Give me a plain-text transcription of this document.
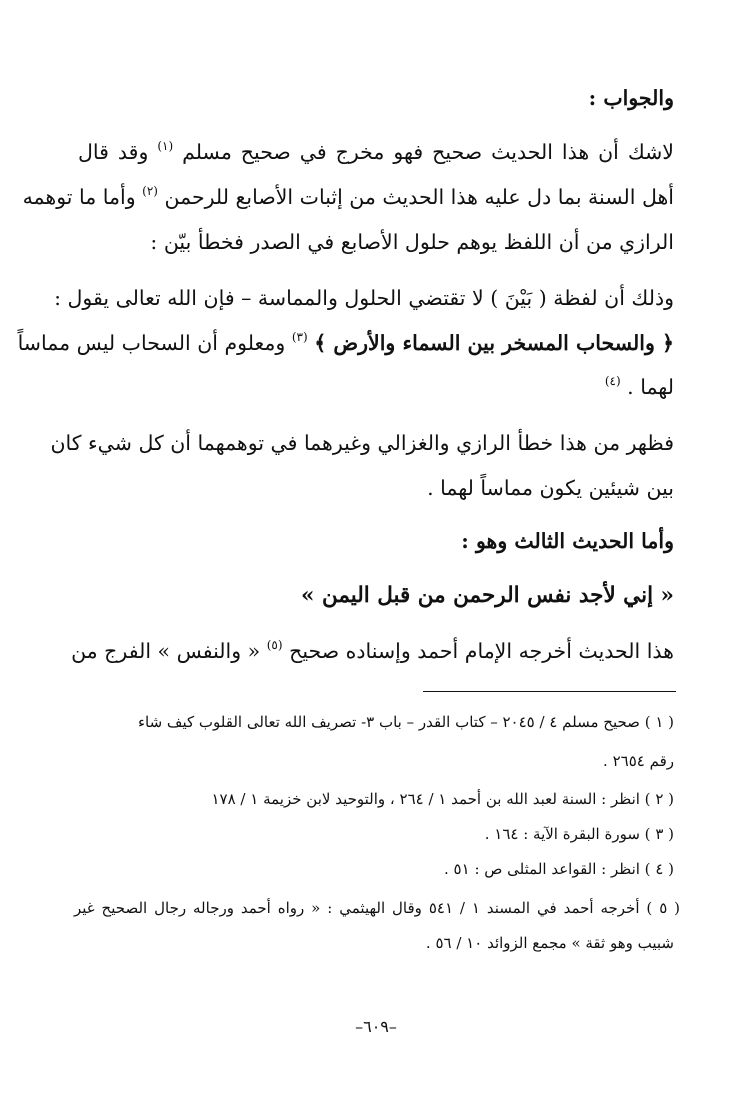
والجواب :
لاشك أن هذا الحديث صحيح فهو مخرج في صحيح مسلم $^{(١)}$ وقد قال
أهل السنة بما دل عليه هذا الحديث من إثبات الأصابع للرحمن $^{(٢)}$ وأما ما توهمه
الرازي من أن اللفظ يوهم حلول الأصابع في الصدر فخطأ بيّن :
وذلك أن لفظة ( بَيْنَ ) لا تقتضي الحلول والمماسة – فإن الله تعالى يقول :
﴿ والسحاب المسخر بين السماء والأرض ﴾ $^{(٣)}$ ومعلوم أن السحاب ليس مماساً
لهما . $^{(٤)}$
فظهر من هذا خطأ الرازي والغزالي وغيرهما في توهمهما أن كل شيء كان
بين شيئين يكون مماساً لهما .
وأما الحديث الثالث وهو :
« إني لأجد نفس الرحمن من قبل اليمن »
هذا الحديث أخرجه الإمام أحمد وإسناده صحيح $^{(٥)}$ « والنفس » الفرج من
( ١ ) صحيح مسلم ٤ / ٢٠٤٥ – كتاب القدر – باب ٣- تصريف الله تعالى القلوب كيف شاء
رقم ٢٦٥٤ .
( ٢ ) انظر : السنة لعبد الله بن أحمد ١ / ٢٦٤ ، والتوحيد لابن خزيمة ١ / ١٧٨
( ٣ ) سورة البقرة الآية : ١٦٤ .
( ٤ ) انظر : القواعد المثلى ص : ٥١ .
( ٥ ) أخرجه أحمد في المسند ١ / ٥٤١ وقال الهيثمي : « رواه أحمد ورجاله رجال الصحيح غير
شبيب وهو ثقة » مجمع الزوائد ١٠ / ٥٦ .
–٦٠٩–
